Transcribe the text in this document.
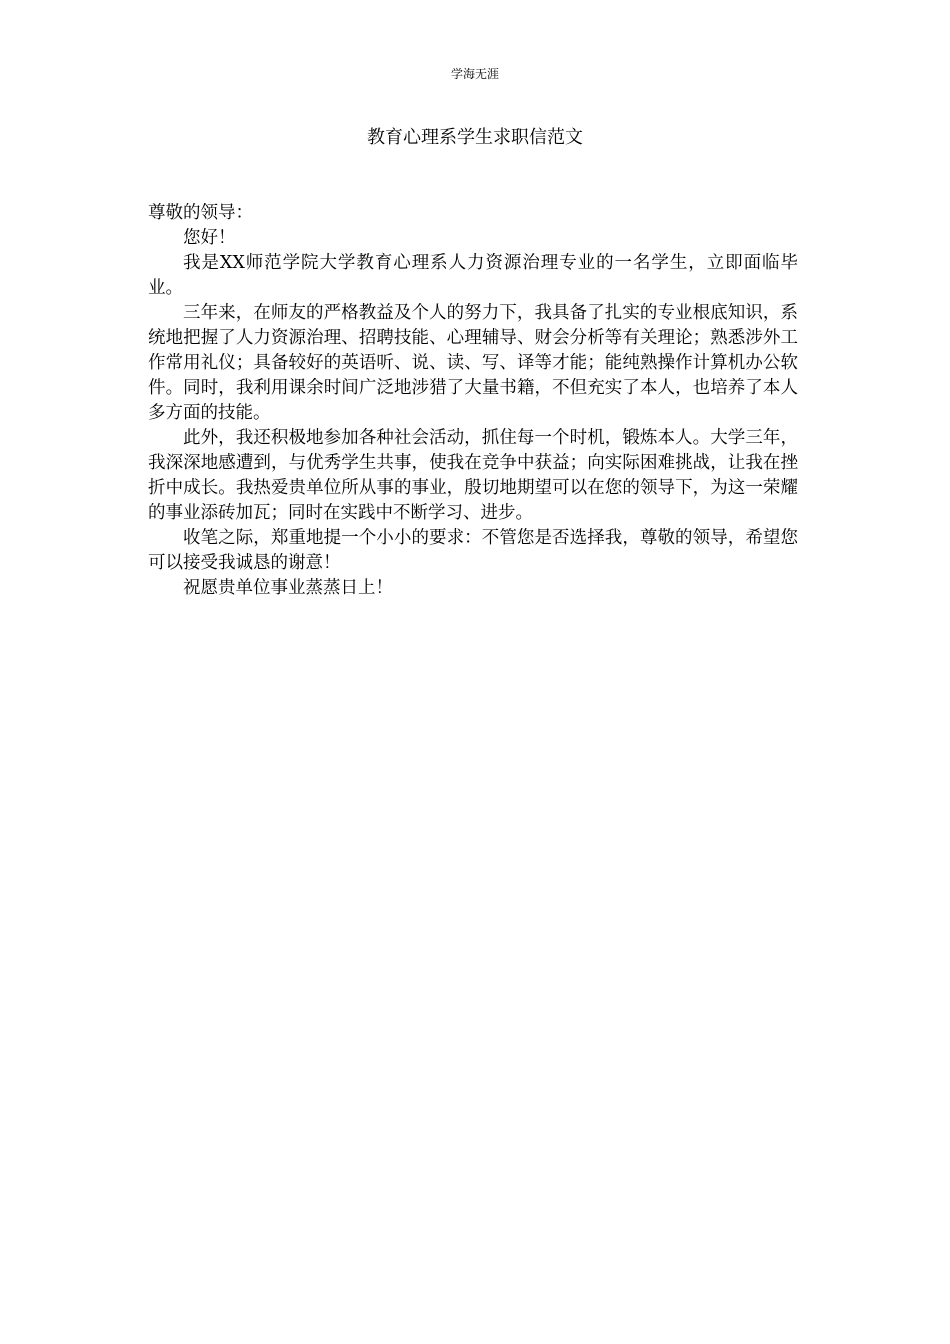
学海无涯
教育心理系学生求职信范文

尊敬的领导：

您好！

我是XX师范学院大学教育心理系人力资源治理专业的一名学生，立即面临毕业。

三年来，在师友的严格教益及个人的努力下，我具备了扎实的专业根底知识，系统地把握了人力资源治理、招聘技能、心理辅导、财会分析等有关理论；熟悉涉外工作常用礼仪；具备较好的英语听、说、读、写、译等才能；能纯熟操作计算机办公软件。同时，我利用课余时间广泛地涉猎了大量书籍，不但充实了本人，也培养了本人多方面的技能。

此外，我还积极地参加各种社会活动，抓住每一个时机，锻炼本人。大学三年，我深深地感遭到，与优秀学生共事，使我在竞争中获益；向实际困难挑战，让我在挫折中成长。我热爱贵单位所从事的事业，殷切地期望可以在您的领导下，为这一荣耀的事业添砖加瓦；同时在实践中不断学习、进步。

收笔之际，郑重地提一个小小的要求：不管您是否选择我，尊敬的领导，希望您可以接受我诚恳的谢意！

祝愿贵单位事业蒸蒸日上！
